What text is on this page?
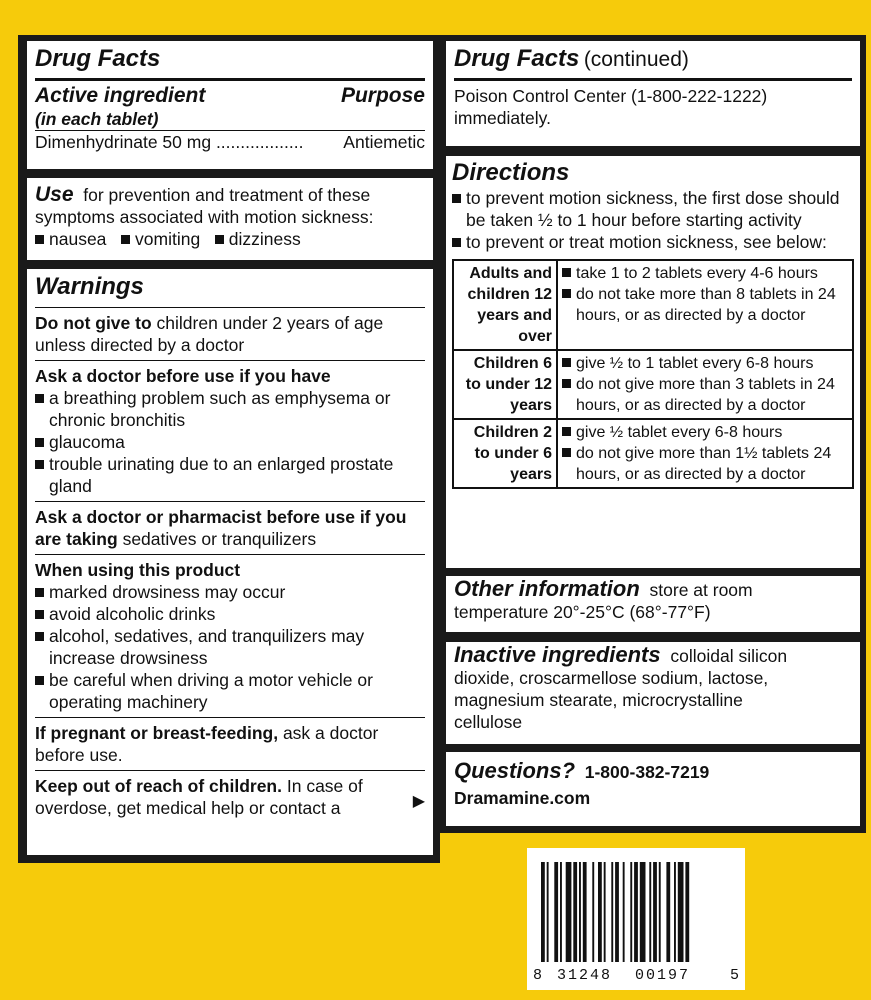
Drug Facts
Active ingredient	Purpose
(in each tablet)
Dimenhydrinate 50 mg .................. Antiemetic
Use for prevention and treatment of these
symptoms associated with motion sickness:
nausea vomiting dizziness
Warnings
Do not give to children under 2 years of age
unless directed by a doctor
Ask a doctor before use if you have
a breathing problem such as emphysema or chronic bronchitis
glaucoma
trouble urinating due to an enlarged prostate gland
Ask a doctor or pharmacist before use if you
are taking sedatives or tranquilizers
When using this product
marked drowsiness may occur
avoid alcoholic drinks
alcohol, sedatives, and tranquilizers may increase drowsiness
be careful when driving a motor vehicle or operating machinery
If pregnant or breast-feeding, ask a doctor
before use.
Keep out of reach of children. In case of
overdose, get medical help or contact a	▶
Drug Facts (continued)
Poison Control Center (1-800-222-1222)
immediately.
Directions
to prevent motion sickness, the first dose should be taken ½ to 1 hour before starting activity
to prevent or treat motion sickness, see below:
Adults and children 12 years and over	take 1 to 2 tablets every 4-6 hours
do not take more than 8 tablets in 24 hours, or as directed by a doctor

Children 6 to under 12 years	give ½ to 1 tablet every 6-8 hours
do not give more than 3 tablets in 24 hours, or as directed by a doctor

Children 2 to under 6 years	give ½ tablet every 6-8 hours
do not give more than 1½ tablets 24 hours, or as directed by a doctor
Other information store at room
temperature 20°-25°C (68°-77°F)
Inactive ingredients colloidal silicon
dioxide, croscarmellose sodium, lactose,
magnesium stearate, microcrystalline
cellulose
Questions? 1-800-382-7219
Dramamine.com
8 31248 00197	5
